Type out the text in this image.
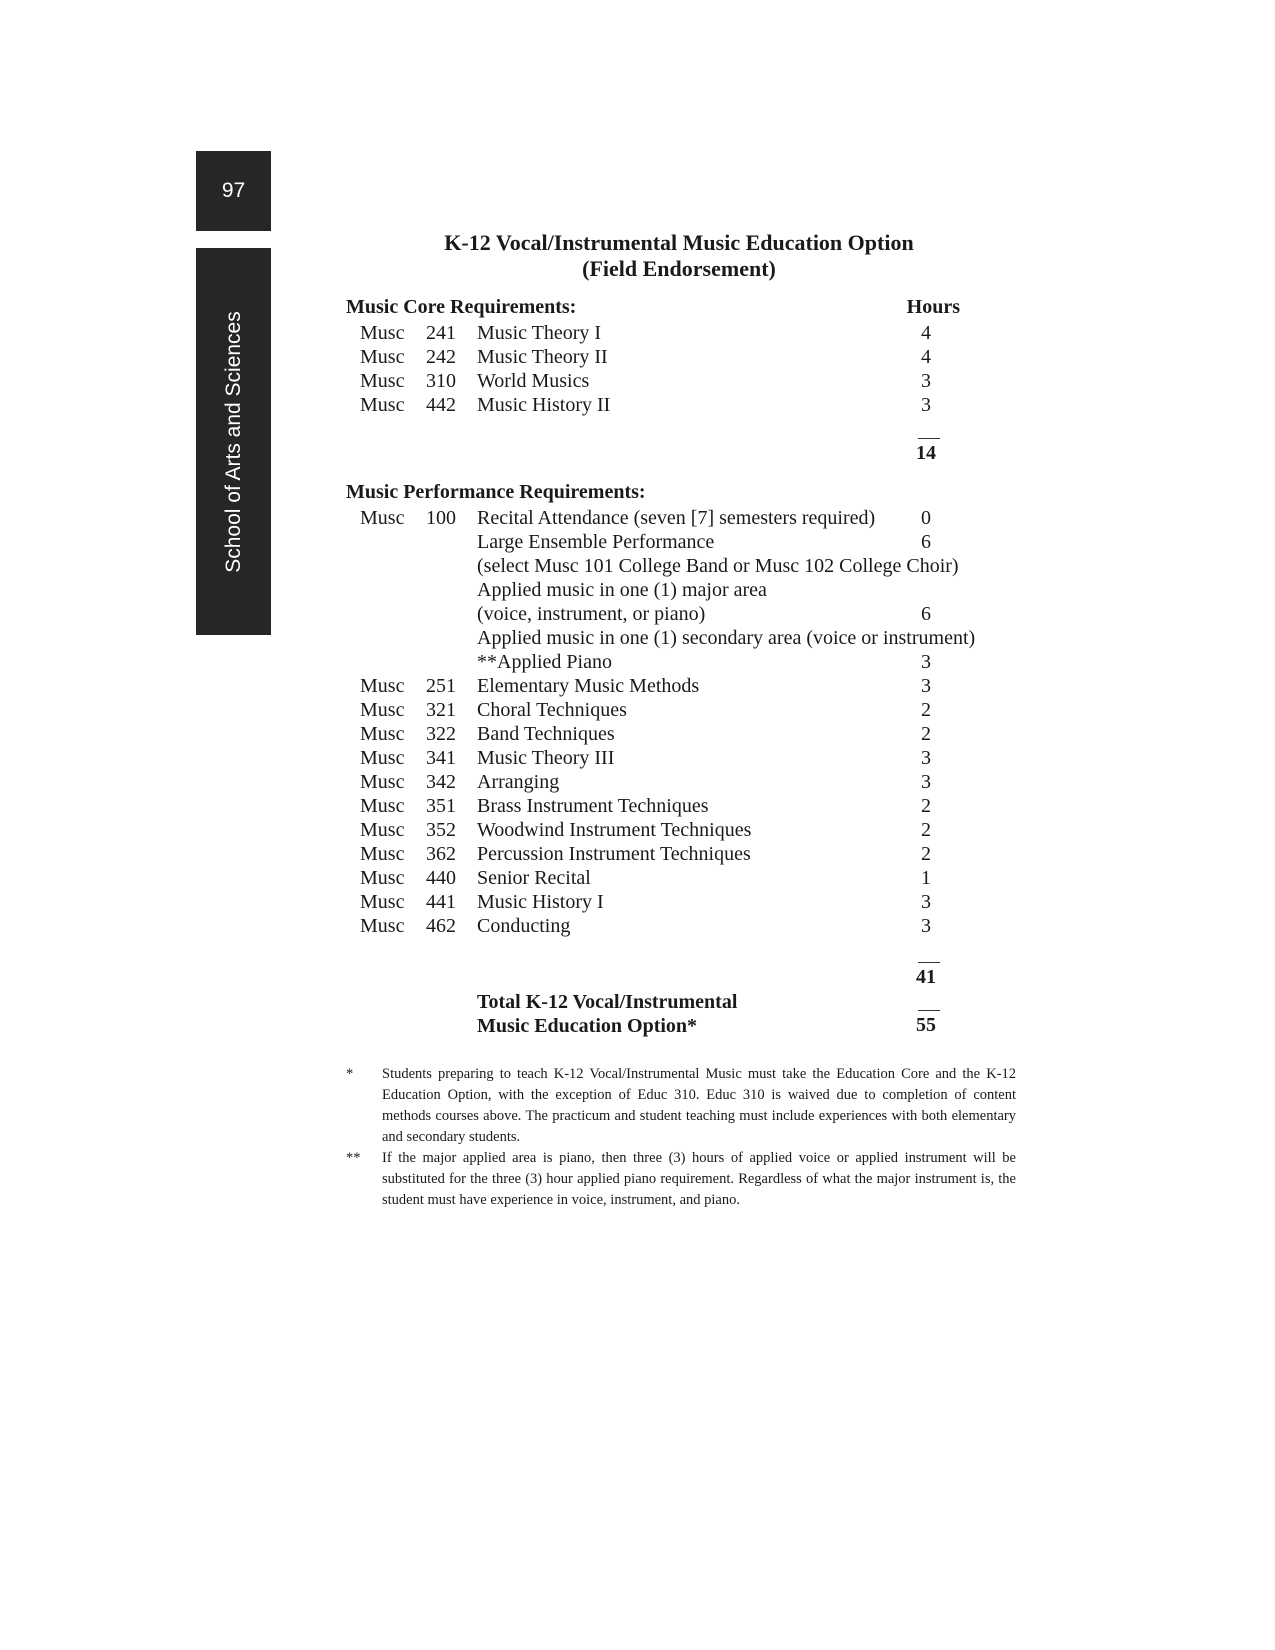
97
School of Arts and Sciences
K-12 Vocal/Instrumental Music Education Option
(Field Endorsement)
Music Core Requirements:	Hours
Musc 241 Music Theory I	4
Musc 242 Music Theory II	4
Musc 310 World Musics	3
Musc 442 Music History II	3
14
Music Performance Requirements:
Musc 100 Recital Attendance (seven [7] semesters required)	0
Large Ensemble Performance	6
(select Musc 101 College Band or Musc 102 College Choir)
Applied music in one (1) major area
(voice, instrument, or piano)	6
Applied music in one (1) secondary area (voice or instrument)
**Applied Piano	3
Musc 251 Elementary Music Methods	3
Musc 321 Choral Techniques	2
Musc 322 Band Techniques	2
Musc 341 Music Theory III	3
Musc 342 Arranging	3
Musc 351 Brass Instrument Techniques	2
Musc 352 Woodwind Instrument Techniques	2
Musc 362 Percussion Instrument Techniques	2
Musc 440 Senior Recital	1
Musc 441 Music History I	3
Musc 462 Conducting	3
41
Total K-12 Vocal/Instrumental
Music Education Option*	55
* Students preparing to teach K-12 Vocal/Instrumental Music must take the Education Core and the K-12 Education Option, with the exception of Educ 310. Educ 310 is waived due to completion of content methods courses above. The practicum and student teaching must include experiences with both elementary and secondary students.
** If the major applied area is piano, then three (3) hours of applied voice or applied instrument will be substituted for the three (3) hour applied piano requirement. Regardless of what the major instrument is, the student must have experience in voice, instrument, and piano.
